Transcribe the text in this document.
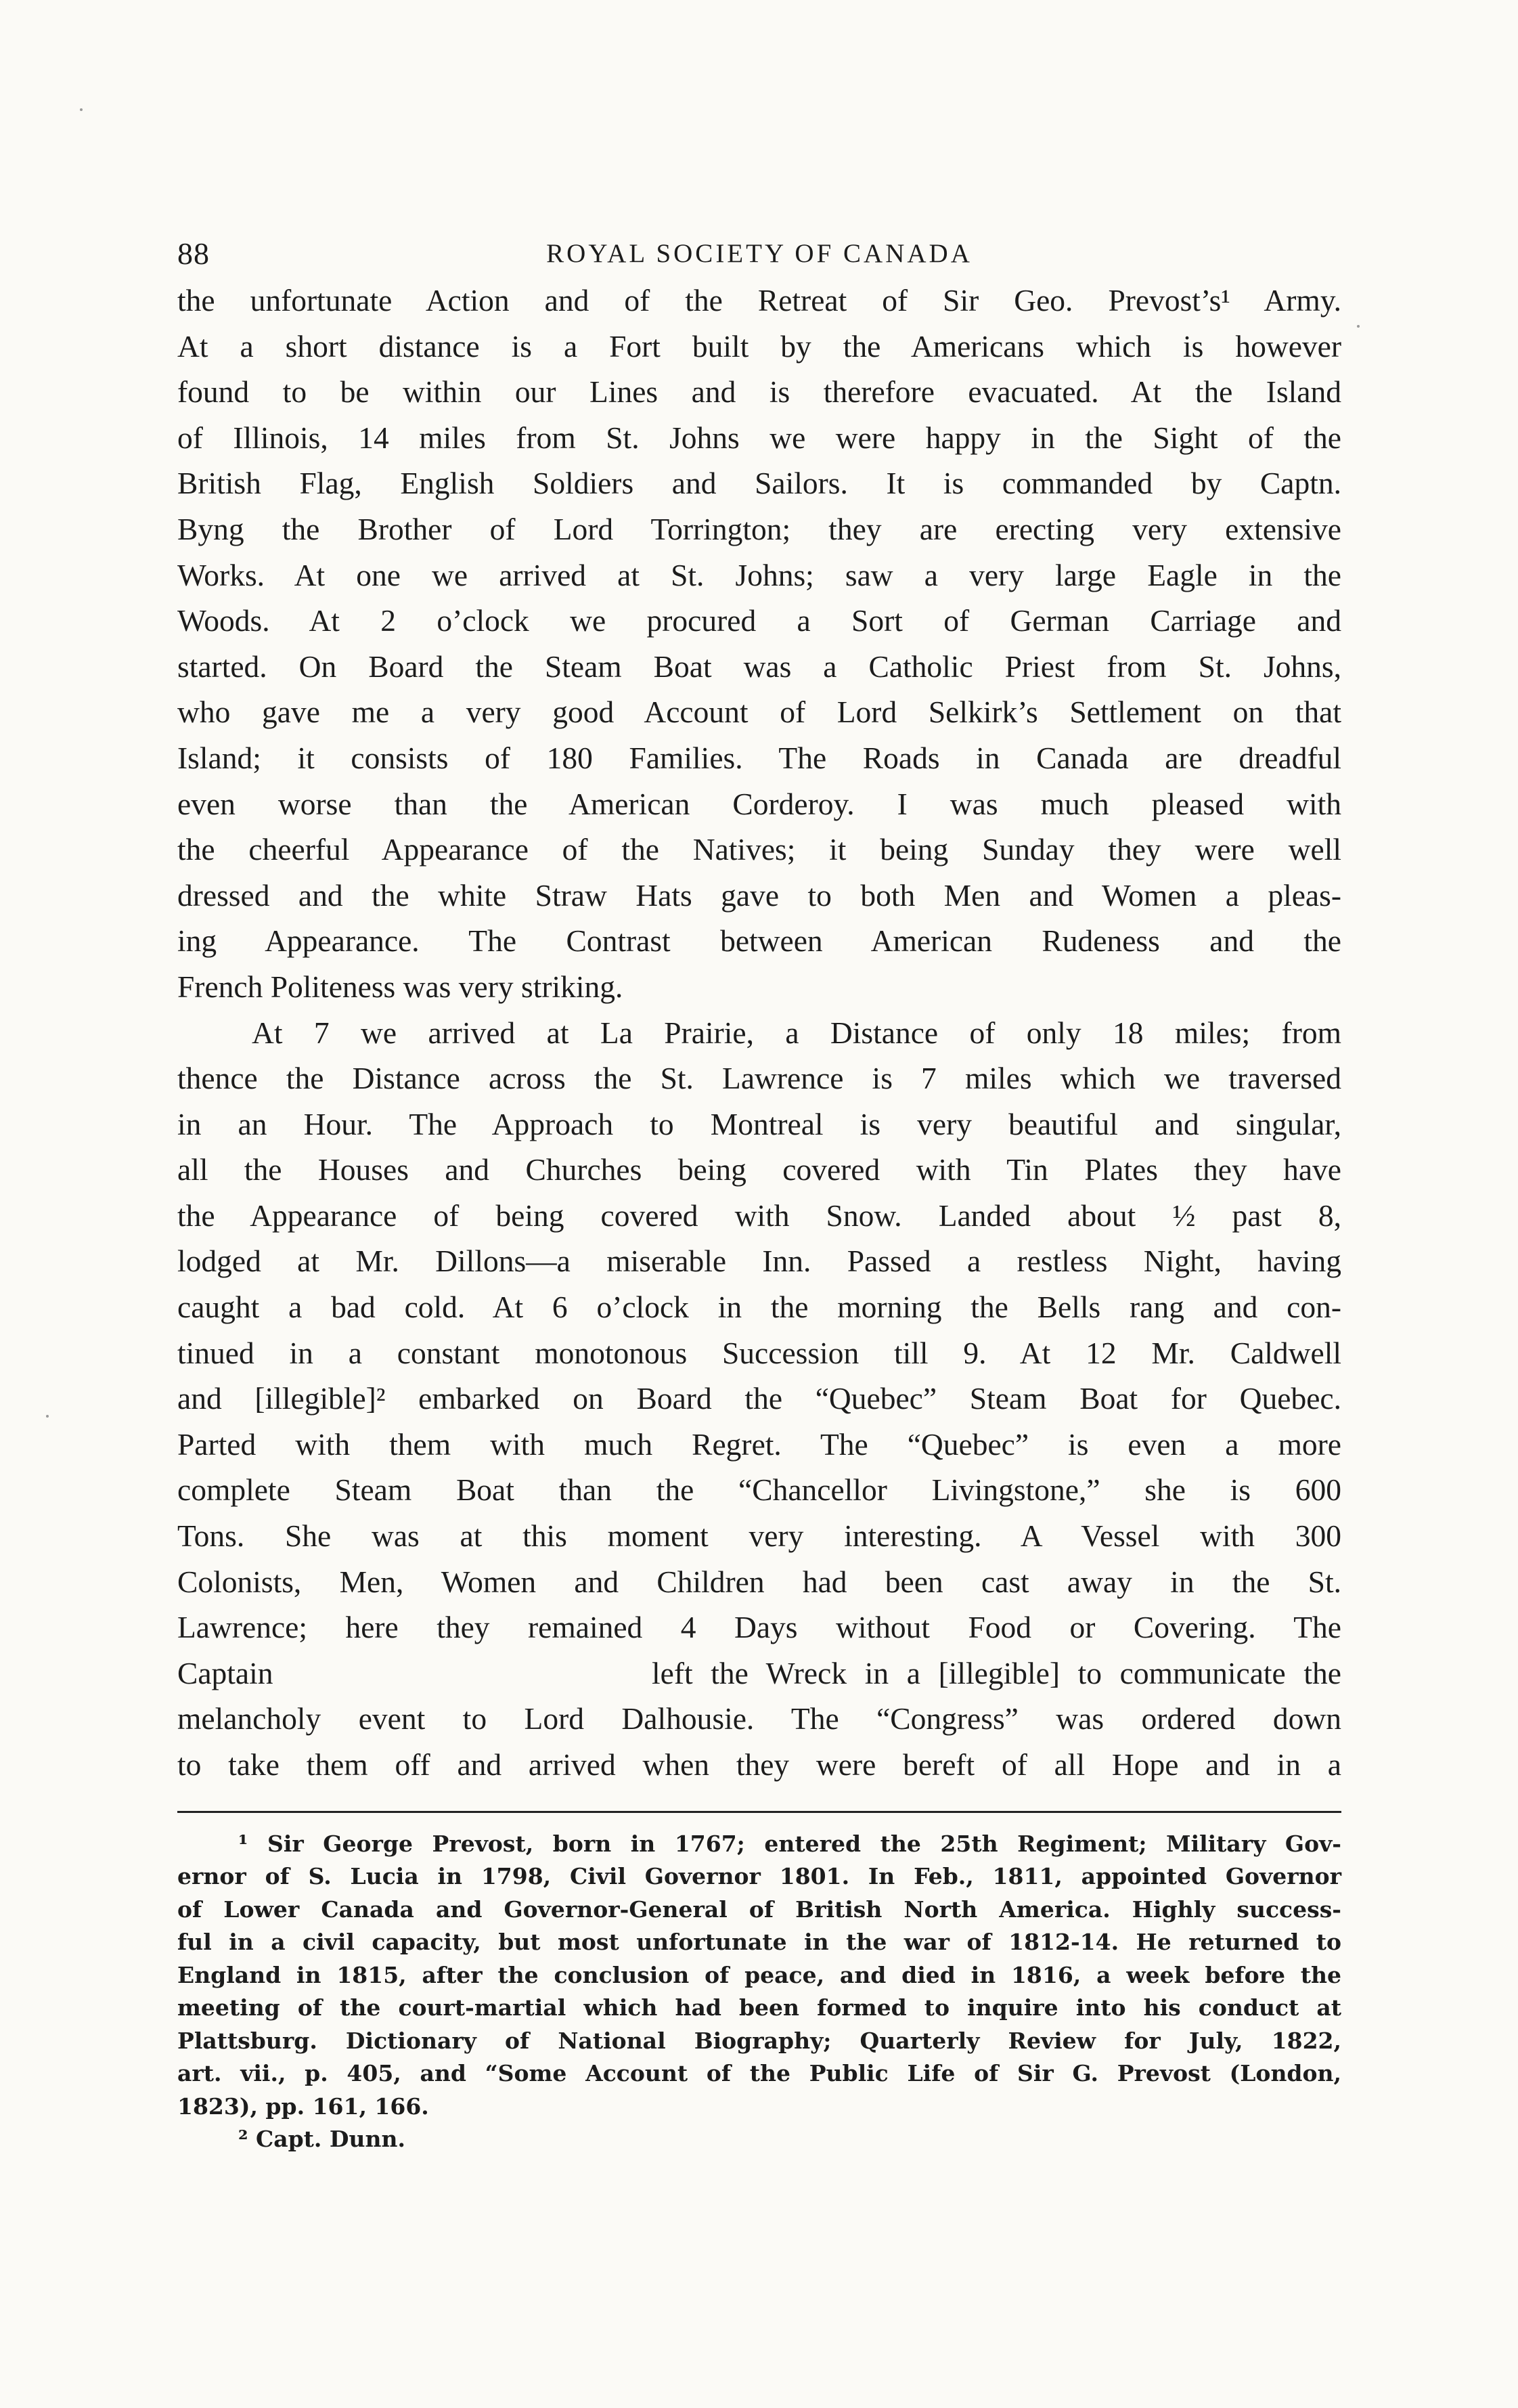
88	ROYAL SOCIETY OF CANADA
the unfortunate Action and of the Retreat of Sir Geo. Prevost’s¹ Army.
At a short distance is a Fort built by the Americans which is however
found to be within our Lines and is therefore evacuated. At the Island
of Illinois, 14 miles from St. Johns we were happy in the Sight of the
British Flag, English Soldiers and Sailors. It is commanded by Captn.
Byng the Brother of Lord Torrington; they are erecting very extensive
Works. At one we arrived at St. Johns; saw a very large Eagle in the
Woods. At 2 o’clock we procured a Sort of German Carriage and
started. On Board the Steam Boat was a Catholic Priest from St. Johns,
who gave me a very good Account of Lord Selkirk’s Settlement on that
Island; it consists of 180 Families. The Roads in Canada are dreadful
even worse than the American Corderoy. I was much pleased with
the cheerful Appearance of the Natives; it being Sunday they were well
dressed and the white Straw Hats gave to both Men and Women a pleas-
ing Appearance. The Contrast between American Rudeness and the
French Politeness was very striking.
At 7 we arrived at La Prairie, a Distance of only 18 miles; from
thence the Distance across the St. Lawrence is 7 miles which we traversed
in an Hour. The Approach to Montreal is very beautiful and singular,
all the Houses and Churches being covered with Tin Plates they have
the Appearance of being covered with Snow. Landed about ½ past 8,
lodged at Mr. Dillons—a miserable Inn. Passed a restless Night, having
caught a bad cold. At 6 o’clock in the morning the Bells rang and con-
tinued in a constant monotonous Succession till 9. At 12 Mr. Caldwell
and [illegible]² embarked on Board the “Quebec” Steam Boat for Quebec.
Parted with them with much Regret. The “Quebec” is even a more
complete Steam Boat than the “Chancellor Livingstone,” she is 600
Tons. She was at this moment very interesting. A Vessel with 300
Colonists, Men, Women and Children had been cast away in the St.
Lawrence; here they remained 4 Days without Food or Covering. The
Captain                     left the Wreck in a [illegible] to communicate the
melancholy event to Lord Dalhousie. The “Congress” was ordered down
to take them off and arrived when they were bereft of all Hope and in a
¹ Sir George Prevost, born in 1767; entered the 25th Regiment; Military Gov-
ernor of S. Lucia in 1798, Civil Governor 1801. In Feb., 1811, appointed Governor
of Lower Canada and Governor-General of British North America. Highly success-
ful in a civil capacity, but most unfortunate in the war of 1812-14. He returned to
England in 1815, after the conclusion of peace, and died in 1816, a week before the
meeting of the court-martial which had been formed to inquire into his conduct at
Plattsburg. Dictionary of National Biography; Quarterly Review for July, 1822,
art. vii., p. 405, and “Some Account of the Public Life of Sir G. Prevost (London,
1823), pp. 161, 166.
² Capt. Dunn.
